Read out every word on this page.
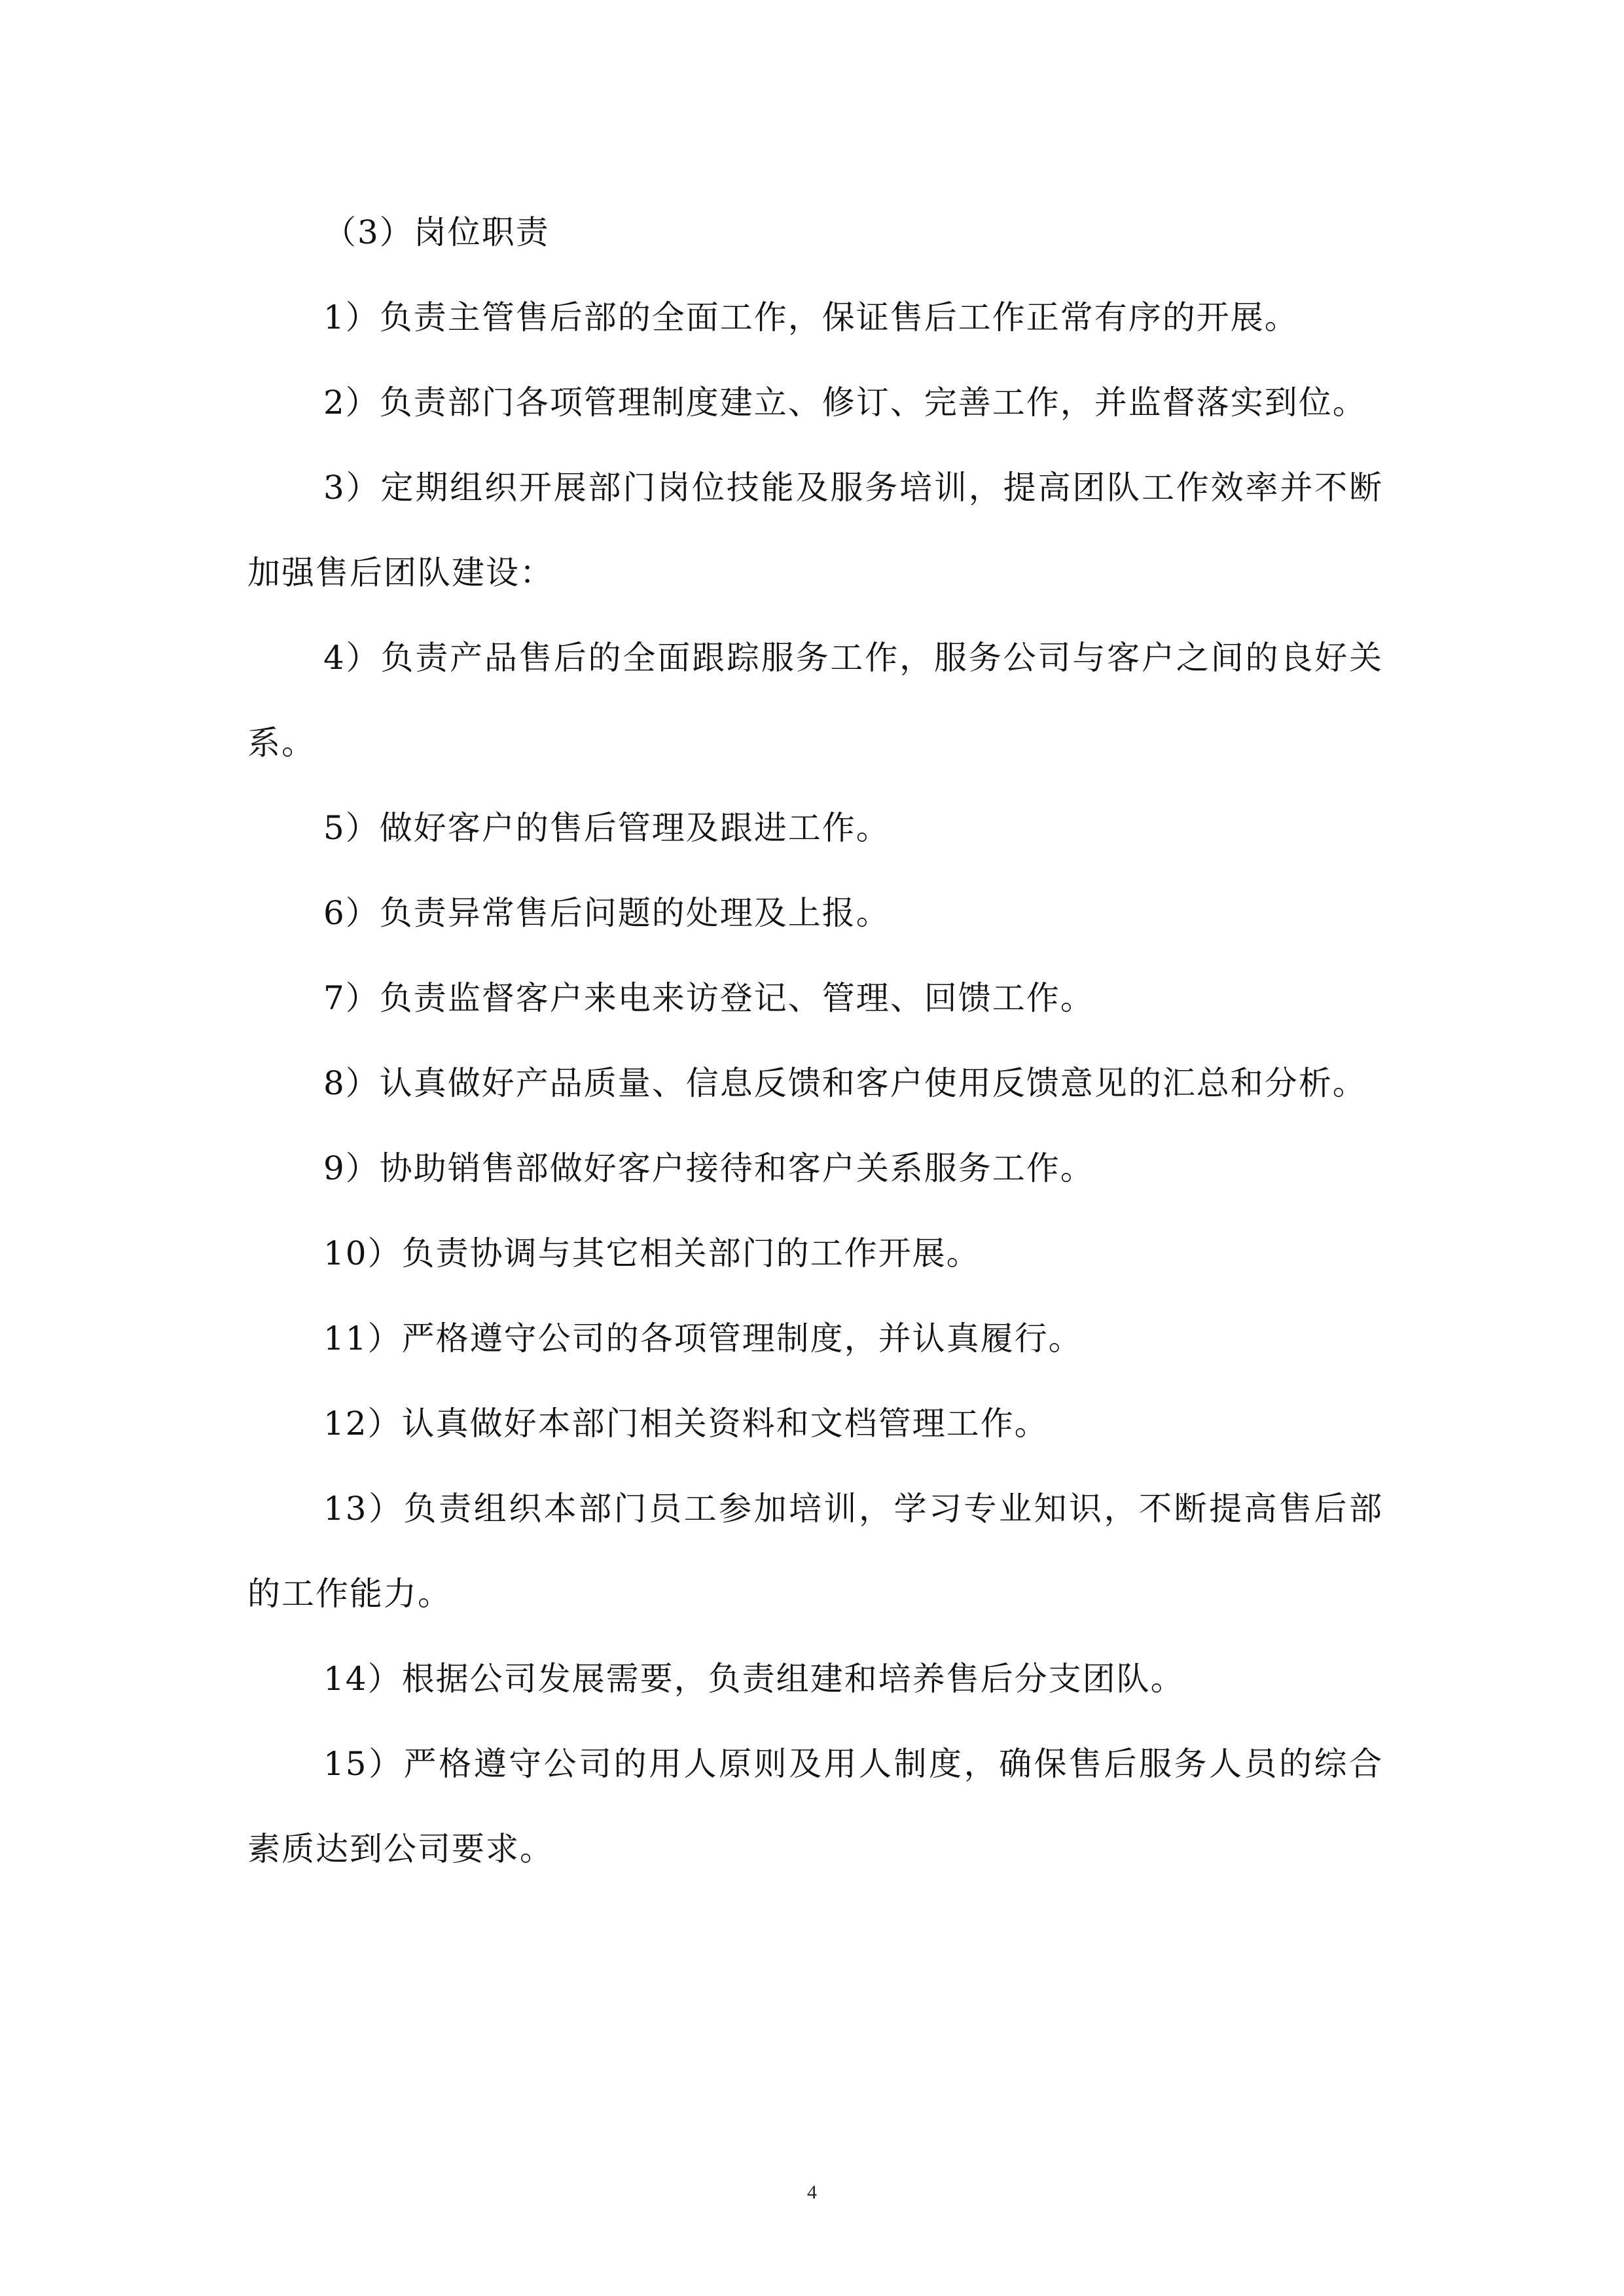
（3）岗位职责

1）负责主管售后部的全面工作，保证售后工作正常有序的开展。

2）负责部门各项管理制度建立、修订、完善工作，并监督落实到位。

3）定期组织开展部门岗位技能及服务培训，提高团队工作效率并不断加强售后团队建设：

4）负责产品售后的全面跟踪服务工作，服务公司与客户之间的良好关系。

5）做好客户的售后管理及跟进工作。

6）负责异常售后问题的处理及上报。

7）负责监督客户来电来访登记、管理、回馈工作。

8）认真做好产品质量、信息反馈和客户使用反馈意见的汇总和分析。

9）协助销售部做好客户接待和客户关系服务工作。

10）负责协调与其它相关部门的工作开展。

11）严格遵守公司的各项管理制度，并认真履行。

12）认真做好本部门相关资料和文档管理工作。

13）负责组织本部门员工参加培训，学习专业知识，不断提高售后部的工作能力。

14）根据公司发展需要，负责组建和培养售后分支团队。

15）严格遵守公司的用人原则及用人制度，确保售后服务人员的综合素质达到公司要求。

4
